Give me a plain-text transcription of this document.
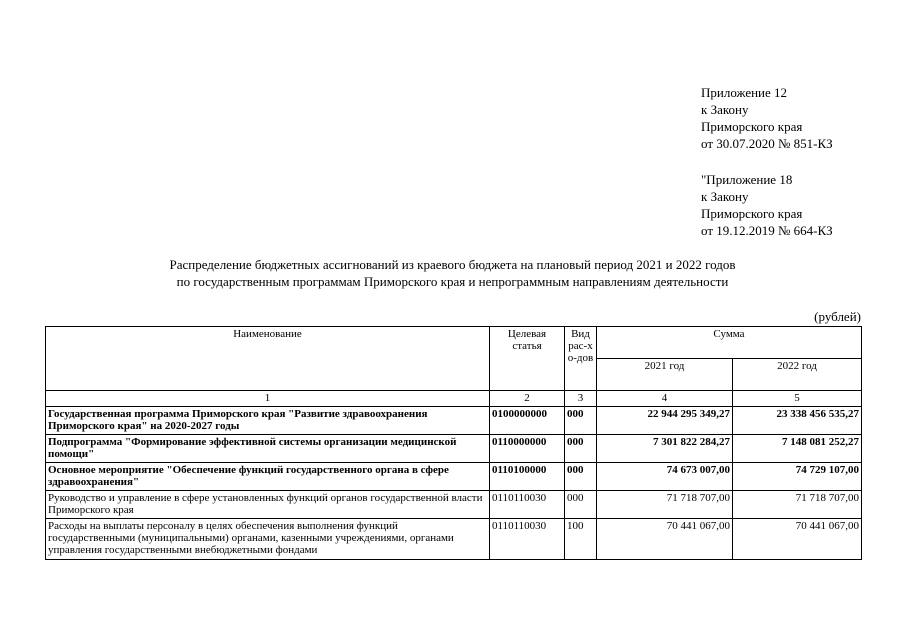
Приложение 12
к Закону
Приморского края
от 30.07.2020 № 851-КЗ
"Приложение 18
к Закону
Приморского края
от 19.12.2019 № 664-КЗ
Распределение бюджетных ассигнований из краевого бюджета на плановый период 2021 и 2022 годов
по государственным программам Приморского края и непрограммным направлениям деятельности
(рублей)
Наименование	Целевая статья	Вид рас-хо-дов	Сумма	
			2021 год	2022 год
1	2	3	4	5
Государственная программа Приморского края "Развитие здравоохранения Приморского края" на 2020-2027 годы	0100000000	000	22 944 295 349,27	23 338 456 535,27
Подпрограмма "Формирование эффективной системы организации медицинской помощи"	0110000000	000	7 301 822 284,27	7 148 081 252,27
Основное мероприятие "Обеспечение функций государственного органа в сфере здравоохранения"	0110100000	000	74 673 007,00	74 729 107,00
Руководство и управление в сфере установленных функций органов государственной власти Приморского края	0110110030	000	71 718 707,00	71 718 707,00
Расходы на выплаты персоналу в целях обеспечения выполнения функций государственными (муниципальными) органами, казенными учреждениями, органами управления государственными внебюджетными фондами	0110110030	100	70 441 067,00	70 441 067,00
